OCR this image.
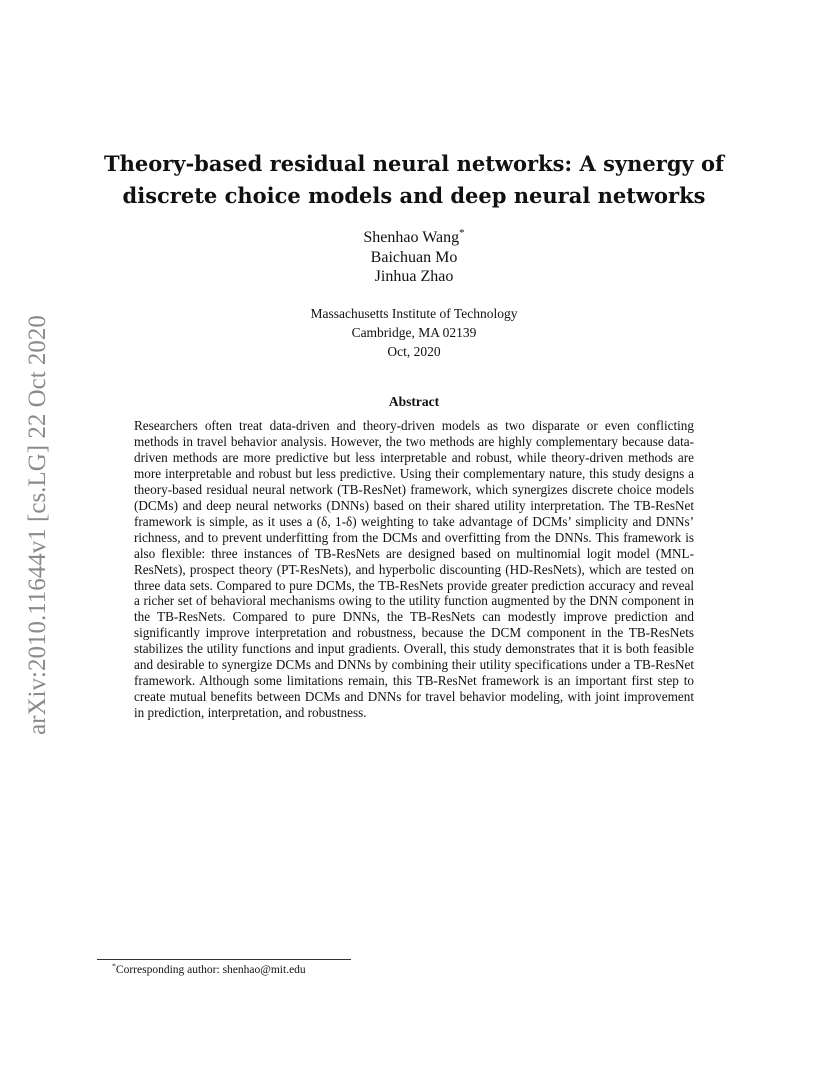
arXiv:2010.11644v1 [cs.LG] 22 Oct 2020
Theory-based residual neural networks: A synergy of discrete choice models and deep neural networks
Shenhao Wang*
Baichuan Mo
Jinhua Zhao
Massachusetts Institute of Technology
Cambridge, MA 02139
Oct, 2020
Abstract

Researchers often treat data-driven and theory-driven models as two disparate or even conflicting methods in travel behavior analysis. However, the two methods are highly complementary because data-driven methods are more predictive but less interpretable and robust, while theory-driven methods are more interpretable and robust but less predictive. Using their complementary nature, this study designs a theory-based residual neural network (TB-ResNet) framework, which synergizes discrete choice models (DCMs) and deep neural networks (DNNs) based on their shared utility interpretation. The TB-ResNet framework is simple, as it uses a (δ, 1-δ) weighting to take advantage of DCMs’ simplicity and DNNs’ richness, and to prevent underfitting from the DCMs and overfitting from the DNNs. This framework is also flexible: three instances of TB-ResNets are designed based on multinomial logit model (MNL-ResNets), prospect theory (PT-ResNets), and hyperbolic discounting (HD-ResNets), which are tested on three data sets. Compared to pure DCMs, the TB-ResNets provide greater prediction accuracy and reveal a richer set of behavioral mechanisms owing to the utility function augmented by the DNN component in the TB-ResNets. Compared to pure DNNs, the TB-ResNets can modestly improve prediction and significantly improve interpretation and robustness, because the DCM component in the TB-ResNets stabilizes the utility functions and input gradients. Overall, this study demonstrates that it is both feasible and desirable to synergize DCMs and DNNs by combining their utility specifications under a TB-ResNet framework. Although some limitations remain, this TB-ResNet framework is an important first step to create mutual benefits between DCMs and DNNs for travel behavior modeling, with joint improvement in prediction, interpretation, and robustness.

*Corresponding author: shenhao@mit.edu
